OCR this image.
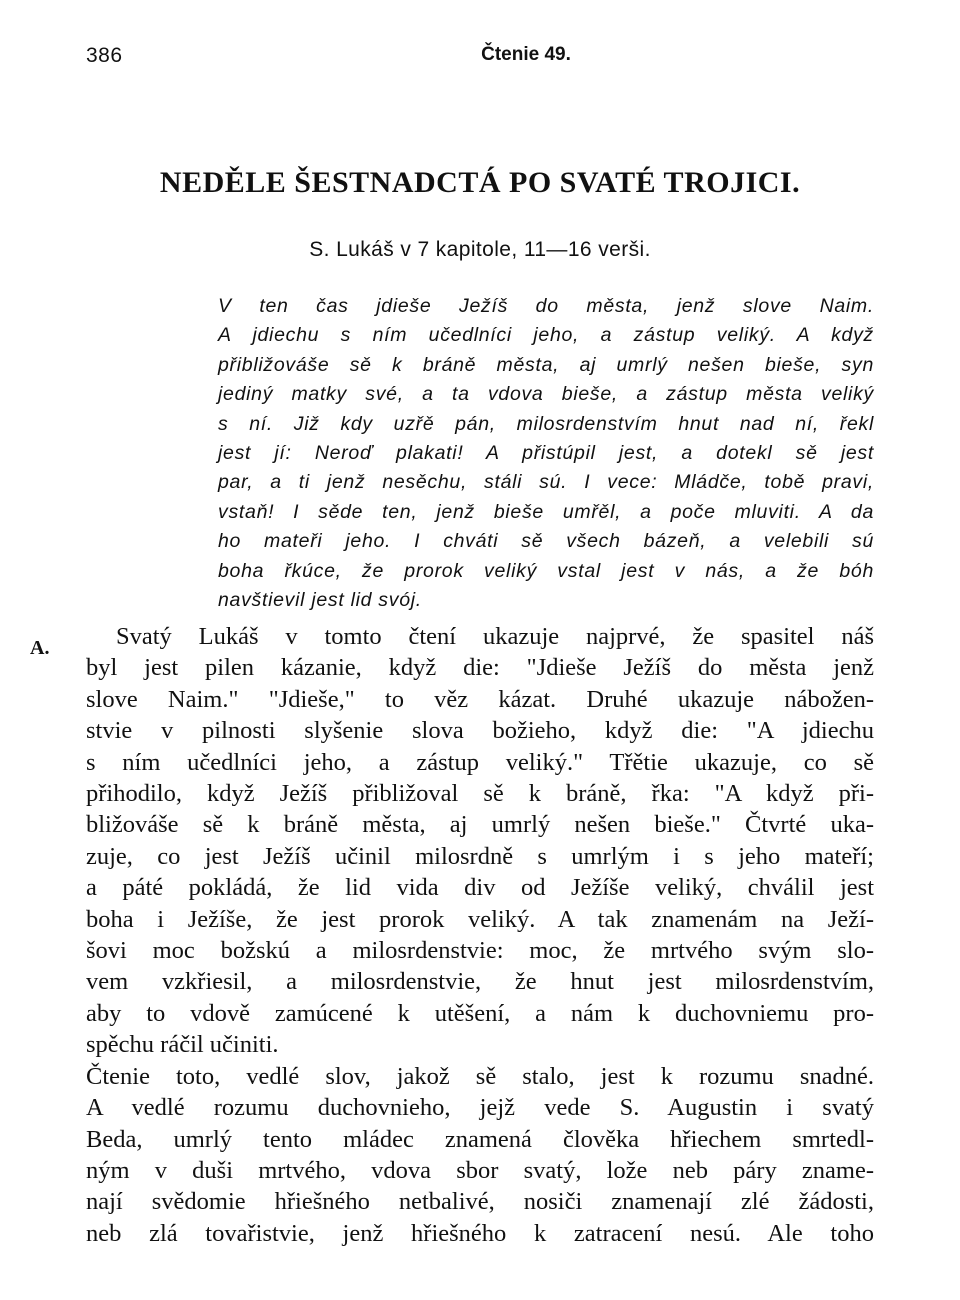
386	Čtenie 49.
NEDĚLE ŠESTNADCTÁ PO SVATÉ TROJICI.
S. Lukáš v 7 kapitole, 11—16 verši.
V ten čas jdieše Ježíš do města, jenž slove Naim.
A jdiechu s ním učedlníci jeho, a zástup veliký. A když
přibližováše sě k bráně města, aj umrlý nešen bieše, syn
jediný matky své, a ta vdova bieše, a zástup města veliký
s ní. Již kdy uzřě pán, milosrdenstvím hnut nad ní, řekl
jest jí: Neroď plakati! A přistúpil jest, a dotekl sě jest
par, a ti jenž nesěchu, stáli sú. I vece: Mládče, tobě pravi,
vstaň! I sěde ten, jenž bieše umřěl, a poče mluviti. A da
ho mateři jeho. I chváti sě všech bázeň, a velebili sú
boha řkúce, že prorok veliký vstal jest v nás, a že bóh
navštievil jest lid svój.
A.	Svatý Lukáš v tomto čtení ukazuje najprvé, že spasitel náš
byl jest pilen kázanie, když die: "Jdieše Ježíš do města jenž
slove Naim." "Jdieše," to věz kázat. Druhé ukazuje nábožen-
stvie v pilnosti slyšenie slova božieho, když die: "A jdiechu
s ním učedlníci jeho, a zástup veliký." Třětie ukazuje, co sě
přihodilo, když Ježíš přibližoval sě k bráně, řka: "A když při-
bližováše sě k bráně města, aj umrlý nešen bieše." Čtvrté uka-
zuje, co jest Ježíš učinil milosrdně s umrlým i s jeho mateří;
a páté pokládá, že lid vida div od Ježíše veliký, chválil jest
boha i Ježíše, že jest prorok veliký. A tak znamenám na Ježí-
šovi moc božskú a milosrdenstvie: moc, že mrtvého svým slo-
vem vzkřiesil, a milosrdenstvie, že hnut jest milosrdenstvím,
aby to vdově zamúcené k utěšení, a nám k duchovniemu pro-
spěchu ráčil učiniti.
Čtenie toto, vedlé slov, jakož sě stalo, jest k rozumu snadné.
A vedlé rozumu duchovnieho, jejž vede S. Augustin i svatý
Beda, umrlý tento mládec znamená člověka hřiechem smrtedl-
ným v duši mrtvého, vdova sbor svatý, lože neb páry zname-
nají svědomie hřiešného netbalivé, nosiči znamenají zlé žádosti,
neb zlá tovařistvie, jenž hřiešného k zatracení nesú. Ale toho
